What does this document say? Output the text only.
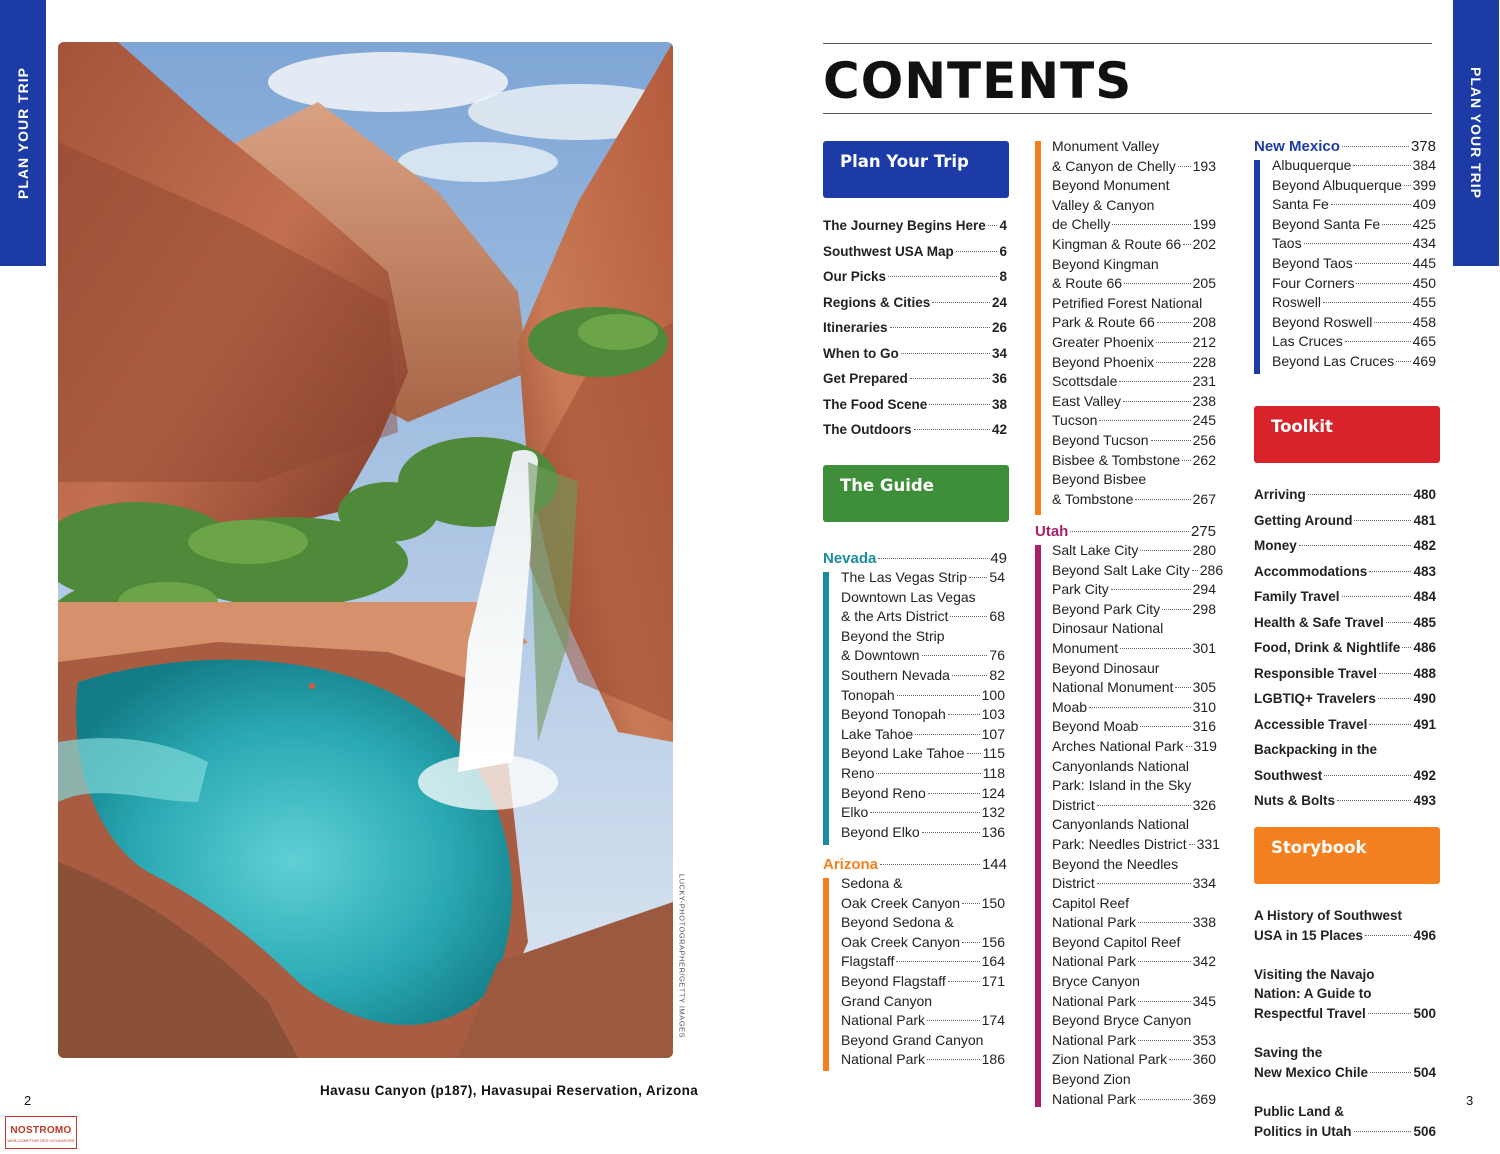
PLAN YOUR TRIP	PLAN YOUR TRIP
LUCKY-PHOTOGRAPHER/GETTY IMAGES
Havasu Canyon (p187), Havasupai Reservation, Arizona
2	3
NOSTROMO
WEB COMPTOIR DES VOYAGEURS
CONTENTS
Plan Your Trip
The Journey Begins Here 4
Southwest USA Map	6
Our Picks	8
Regions & Cities	24
Itineraries	26
When to Go	34
Get Prepared	36
The Food Scene	38
The Outdoors	42
The Guide
Nevada	49
The Las Vegas Strip 54
Downtown Las Vegas
& the Arts District	68
Beyond the Strip
& Downtown	76
Southern Nevada	82
Tonopah	100
Beyond Tonopah	103
Lake Tahoe	107
Beyond Lake Tahoe 115
Reno	118
Beyond Reno	124
Elko	132
Beyond Elko	136
Arizona	144
Sedona &
Oak Creek Canyon 150
Beyond Sedona &
Oak Creek Canyon 156
Flagstaff	164
Beyond Flagstaff	171
Grand Canyon
National Park	174
Beyond Grand Canyon
National Park	186
Monument Valley
& Canyon de Chelly 193
Beyond Monument
Valley & Canyon
de Chelly	199
Kingman & Route 66 202
Beyond Kingman
& Route 66	205
Petrified Forest National
Park & Route 66	208
Greater Phoenix	212
Beyond Phoenix	228
Scottsdale	231
East Valley	238
Tucson	245
Beyond Tucson	256
Bisbee & Tombstone 262
Beyond Bisbee
& Tombstone	267
Utah	275
Salt Lake City	280
Beyond Salt Lake City 286
Park City	294
Beyond Park City 298
Dinosaur National
Monument	301
Beyond Dinosaur
National Monument 305
Moab	310
Beyond Moab	316
Arches National Park 319
Canyonlands National
Park: Island in the Sky
District	326
Canyonlands National
Park: Needles District 331
Beyond the Needles
District	334
Capitol Reef
National Park	338
Beyond Capitol Reef
National Park	342
Bryce Canyon
National Park	345
Beyond Bryce Canyon
National Park	353
Zion National Park 360
Beyond Zion
National Park	369
New Mexico	378
Albuquerque	384
Beyond Albuquerque 399
Santa Fe	409
Beyond Santa Fe 425
Taos	434
Beyond Taos	445
Four Corners	450
Roswell	455
Beyond Roswell	458
Las Cruces	465
Beyond Las Cruces 469
Toolkit
Arriving	480
Getting Around	481
Money	482
Accommodations	483
Family Travel	484
Health & Safe Travel 485
Food, Drink & Nightlife 486
Responsible Travel	488
LGBTIQ+ Travelers	490
Accessible Travel	491
Backpacking in the
Southwest	492
Nuts & Bolts	493
Storybook
A History of Southwest
USA in 15 Places	496
Visiting the Navajo
Nation: A Guide to
Respectful Travel	500
Saving the
New Mexico Chile	504
Public Land &
Politics in Utah	506
